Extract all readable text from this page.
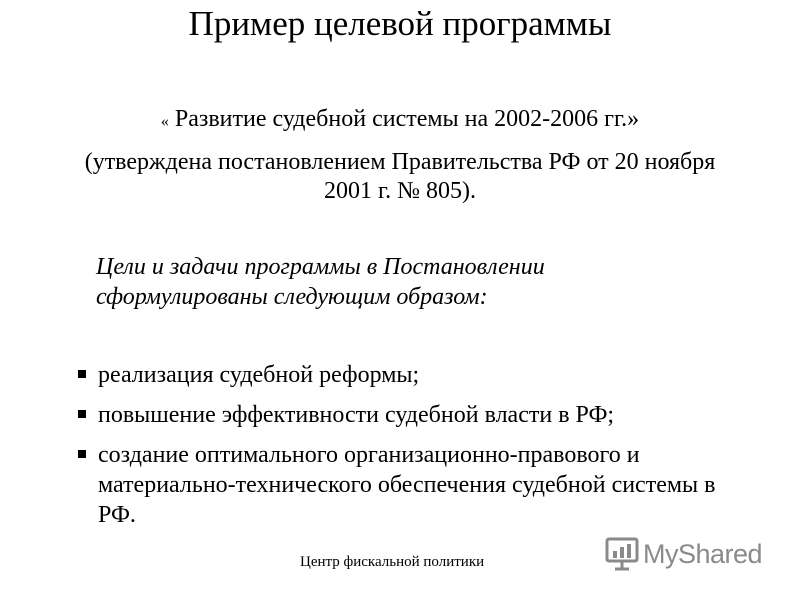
Пример целевой программы
« Развитие судебной системы на 2002-2006 гг.»
(утверждена постановлением Правительства РФ от 20 ноября 2001 г. № 805).
Цели и задачи программы в Постановлении сформулированы следующим образом:
реализация судебной реформы;
повышение эффективности судебной власти в РФ;
создание оптимального организационно-правового и материально-технического обеспечения судебной системы в РФ.
Центр фискальной политики	MyShared
